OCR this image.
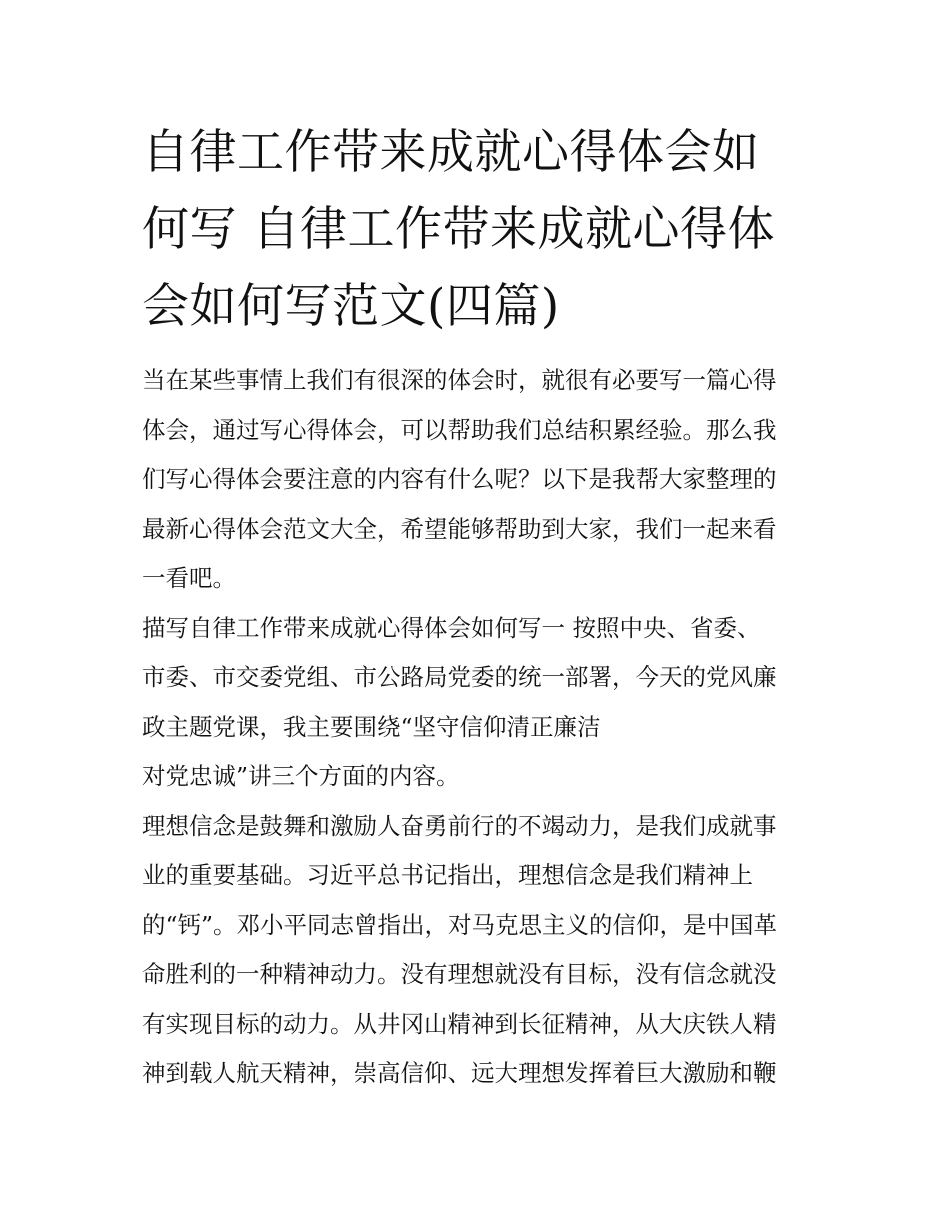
自律工作带来成就心得体会如
何写 自律工作带来成就心得体
会如何写范文(四篇)

当在某些事情上我们有很深的体会时，就很有必要写一篇心得
体会，通过写心得体会，可以帮助我们总结积累经验。那么我
们写心得体会要注意的内容有什么呢？以下是我帮大家整理的
最新心得体会范文大全，希望能够帮助到大家，我们一起来看
一看吧。

描写自律工作带来成就心得体会如何写一 按照中央、省委、
市委、市交委党组、市公路局党委的统一部署，今天的党风廉
政主题党课，我主要围绕“坚守信仰清正廉洁
对党忠诚”讲三个方面的内容。

理想信念是鼓舞和激励人奋勇前行的不竭动力，是我们成就事
业的重要基础。习近平总书记指出，理想信念是我们精神上
的“钙”。邓小平同志曾指出，对马克思主义的信仰，是中国革
命胜利的一种精神动力。没有理想就没有目标，没有信念就没
有实现目标的动力。从井冈山精神到长征精神，从大庆铁人精
神到载人航天精神，崇高信仰、远大理想发挥着巨大激励和鞭
